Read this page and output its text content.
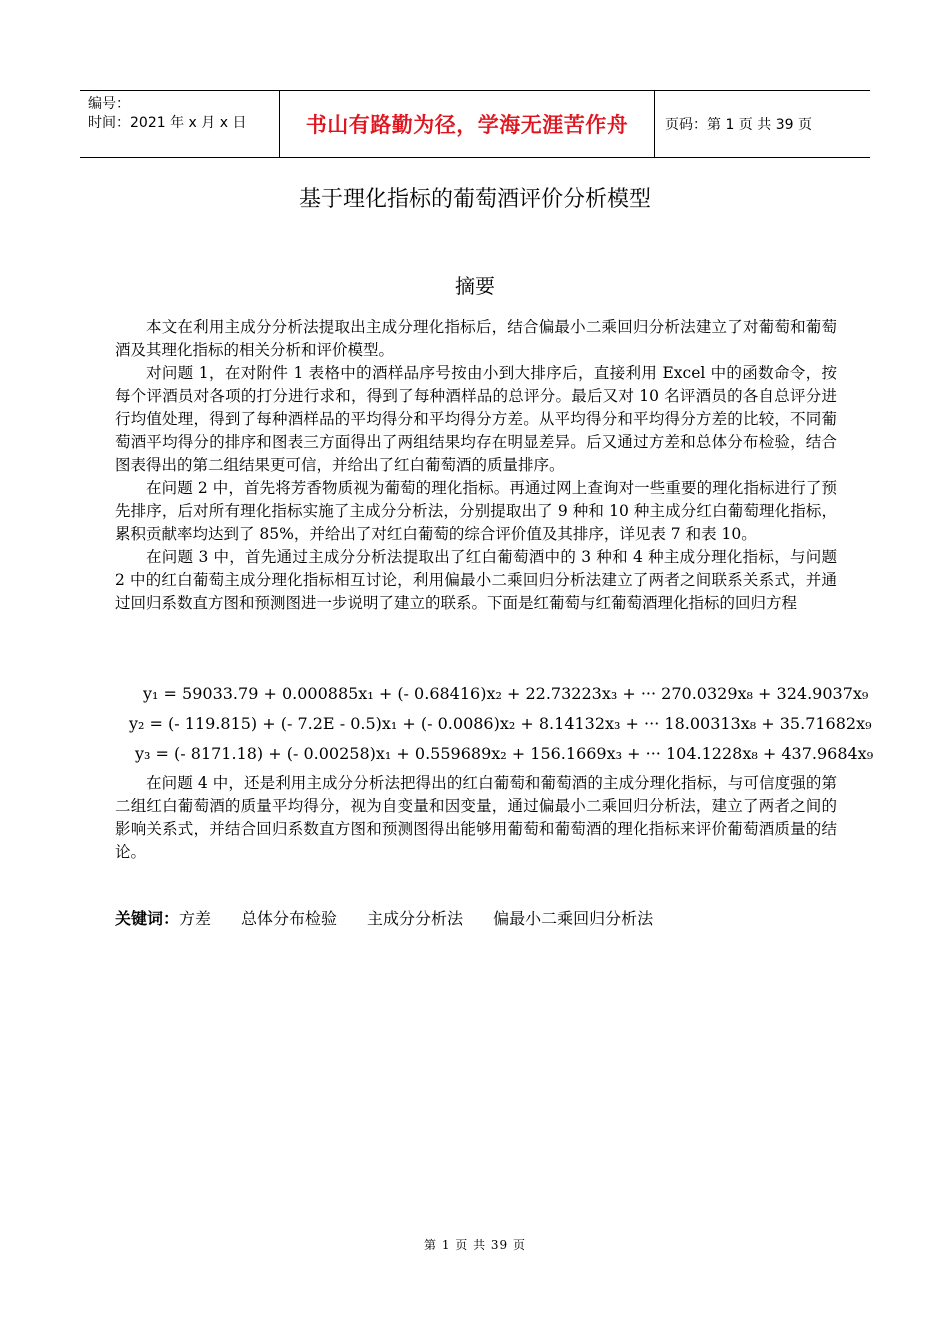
编号：
时间：2021 年 x 月 x 日	书山有路勤为径，学海无涯苦作舟	页码：第 1 页 共 39 页
基于理化指标的葡萄酒评价分析模型
摘要

本文在利用主成分分析法提取出主成分理化指标后，结合偏最小二乘回归分析法建立了对葡萄和葡萄酒及其理化指标的相关分析和评价模型。

对问题 1，在对附件 1 表格中的酒样品序号按由小到大排序后，直接利用 Excel 中的函数命令，按每个评酒员对各项的打分进行求和，得到了每种酒样品的总评分。最后又对 10 名评酒员的各自总评分进行均值处理，得到了每种酒样品的平均得分和平均得分方差。从平均得分和平均得分方差的比较，不同葡萄酒平均得分的排序和图表三方面得出了两组结果均存在明显差异。后又通过方差和总体分布检验，结合图表得出的第二组结果更可信，并给出了红白葡萄酒的质量排序。

在问题 2 中，首先将芳香物质视为葡萄的理化指标。再通过网上查询对一些重要的理化指标进行了预先排序，后对所有理化指标实施了主成分分析法，分别提取出了 9 种和 10 种主成分红白葡萄理化指标，累积贡献率均达到了 85%，并给出了对红白葡萄的综合评价值及其排序，详见表 7 和表 10。

在问题 3 中，首先通过主成分分析法提取出了红白葡萄酒中的 3 种和 4 种主成分理化指标，与问题 2 中的红白葡萄主成分理化指标相互讨论，利用偏最小二乘回归分析法建立了两者之间联系关系式，并通过回归系数直方图和预测图进一步说明了建立的联系。下面是红葡萄与红葡萄酒理化指标的回归方程

y₁ = 59033.79 + 0.000885x₁ + (- 0.68416)x₂ + 22.73223x₃ + ··· 270.0329x₈ + 324.9037x₉
y₂ = (- 119.815) + (- 7.2E - 0.5)x₁ + (- 0.0086)x₂ + 8.14132x₃ + ··· 18.00313x₈ + 35.71682x₉
y₃ = (- 8171.18) + (- 0.00258)x₁ + 0.559689x₂ + 156.1669x₃ + ··· 104.1228x₈ + 437.9684x₉

在问题 4 中，还是利用主成分分析法把得出的红白葡萄和葡萄酒的主成分理化指标，与可信度强的第二组红白葡萄酒的质量平均得分，视为自变量和因变量，通过偏最小二乘回归分析法，建立了两者之间的影响关系式，并结合回归系数直方图和预测图得出能够用葡萄和葡萄酒的理化指标来评价葡萄酒质量的结论。

关键词： 方差 总体分布检验 主成分分析法 偏最小二乘回归分析法
第 1 页 共 39 页
